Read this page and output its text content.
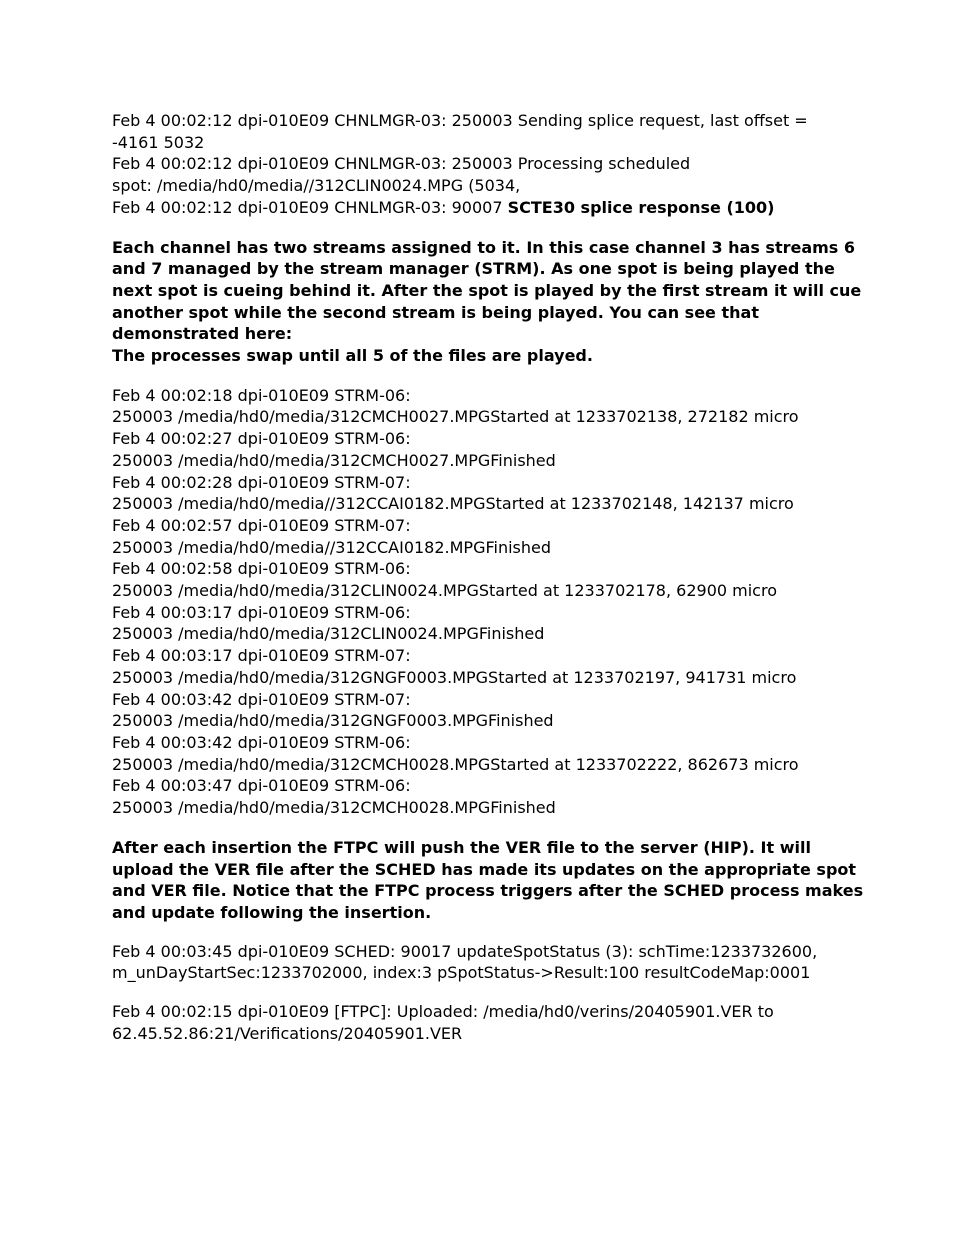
Feb 4 00:02:12 dpi-010E09 CHNLMGR-03: 250003 Sending splice request, last offset =
-4161 5032
Feb 4 00:02:12 dpi-010E09 CHNLMGR-03: 250003 Processing scheduled
spot: /media/hd0/media//312CLIN0024.MPG (5034,
Feb 4 00:02:12 dpi-010E09 CHNLMGR-03: 90007 SCTE30 splice response (100)
Each channel has two streams assigned to it. In this case channel 3 has streams 6
and 7 managed by the stream manager (STRM). As one spot is being played the
next spot is cueing behind it. After the spot is played by the first stream it will cue
another spot while the second stream is being played. You can see that
demonstrated here:
The processes swap until all 5 of the files are played.
Feb 4 00:02:18 dpi-010E09 STRM-06:
250003 /media/hd0/media/312CMCH0027.MPGStarted at 1233702138, 272182 micro
Feb 4 00:02:27 dpi-010E09 STRM-06:
250003 /media/hd0/media/312CMCH0027.MPGFinished
Feb 4 00:02:28 dpi-010E09 STRM-07:
250003 /media/hd0/media//312CCAI0182.MPGStarted at 1233702148, 142137 micro
Feb 4 00:02:57 dpi-010E09 STRM-07:
250003 /media/hd0/media//312CCAI0182.MPGFinished
Feb 4 00:02:58 dpi-010E09 STRM-06:
250003 /media/hd0/media/312CLIN0024.MPGStarted at 1233702178, 62900 micro
Feb 4 00:03:17 dpi-010E09 STRM-06:
250003 /media/hd0/media/312CLIN0024.MPGFinished
Feb 4 00:03:17 dpi-010E09 STRM-07:
250003 /media/hd0/media/312GNGF0003.MPGStarted at 1233702197, 941731 micro
Feb 4 00:03:42 dpi-010E09 STRM-07:
250003 /media/hd0/media/312GNGF0003.MPGFinished
Feb 4 00:03:42 dpi-010E09 STRM-06:
250003 /media/hd0/media/312CMCH0028.MPGStarted at 1233702222, 862673 micro
Feb 4 00:03:47 dpi-010E09 STRM-06:
250003 /media/hd0/media/312CMCH0028.MPGFinished
After each insertion the FTPC will push the VER file to the server (HIP). It will
upload the VER file after the SCHED has made its updates on the appropriate spot
and VER file. Notice that the FTPC process triggers after the SCHED process makes
and update following the insertion.
Feb 4 00:03:45 dpi-010E09 SCHED: 90017 updateSpotStatus (3): schTime:1233732600,
m_unDayStartSec:1233702000, index:3 pSpotStatus->Result:100 resultCodeMap:0001
Feb 4 00:02:15 dpi-010E09 [FTPC]: Uploaded: /media/hd0/verins/20405901.VER to
62.45.52.86:21/Verifications/20405901.VER
